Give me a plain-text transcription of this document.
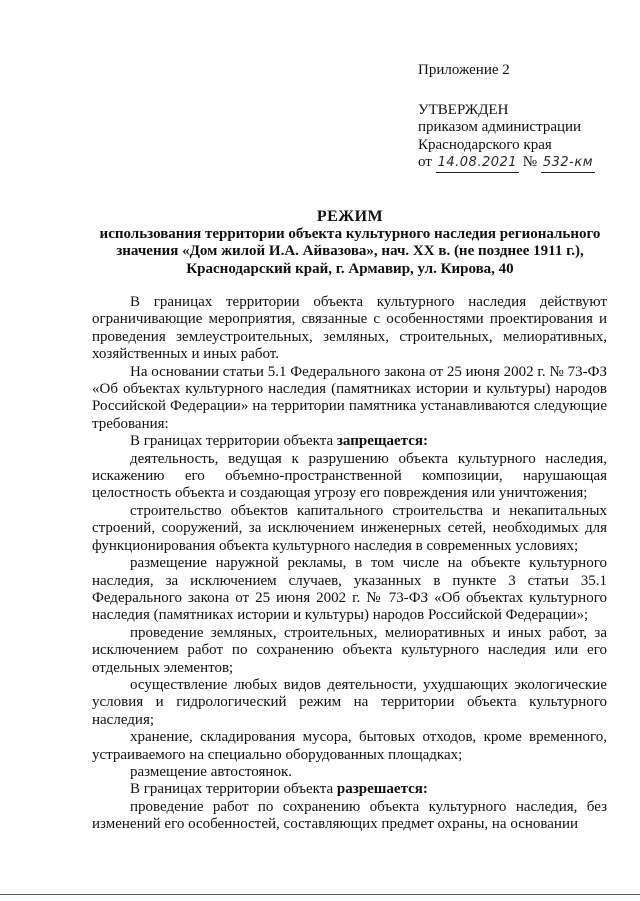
Приложение 2
УТВЕРЖДЕН
приказом администрации
Краснодарского края
от 14.08.2021 № 532-км
РЕЖИМ
использования территории объекта культурного наследия регионального
значения «Дом жилой И.А. Айвазова», нач. XX в. (не позднее 1911 г.),
Краснодарский край, г. Армавир, ул. Кирова, 40

В границах территории объекта культурного наследия действуют ограничивающие мероприятия, связанные с особенностями проектирования и проведения землеустроительных, земляных, строительных, мелиоративных, хозяйственных и иных работ.

На основании статьи 5.1 Федерального закона от 25 июня 2002 г. № 73-ФЗ «Об объектах культурного наследия (памятниках истории и культуры) народов Российской Федерации» на территории памятника устанавливаются следующие требования:

В границах территории объекта запрещается:

деятельность, ведущая к разрушению объекта культурного наследия, искажению его объемно-пространственной композиции, нарушающая целостность объекта и создающая угрозу его повреждения или уничтожения;

строительство объектов капитального строительства и некапитальных строений, сооружений, за исключением инженерных сетей, необходимых для функционирования объекта культурного наследия в современных условиях;

размещение наружной рекламы, в том числе на объекте культурного наследия, за исключением случаев, указанных в пункте 3 статьи 35.1 Федерального закона от 25 июня 2002 г. № 73-ФЗ «Об объектах культурного наследия (памятниках истории и культуры) народов Российской Федерации»;

проведение земляных, строительных, мелиоративных и иных работ, за исключением работ по сохранению объекта культурного наследия или его отдельных элементов;

осуществление любых видов деятельности, ухудшающих экологические условия и гидрологический режим на территории объекта культурного наследия;

хранение, складирования мусора, бытовых отходов, кроме временного, устраиваемого на специально оборудованных площадках;

размещение автостоянок.

В границах территории объекта разрешается:

проведение работ по сохранению объекта культурного наследия, без изменений его особенностей, составляющих предмет охраны, на основании
